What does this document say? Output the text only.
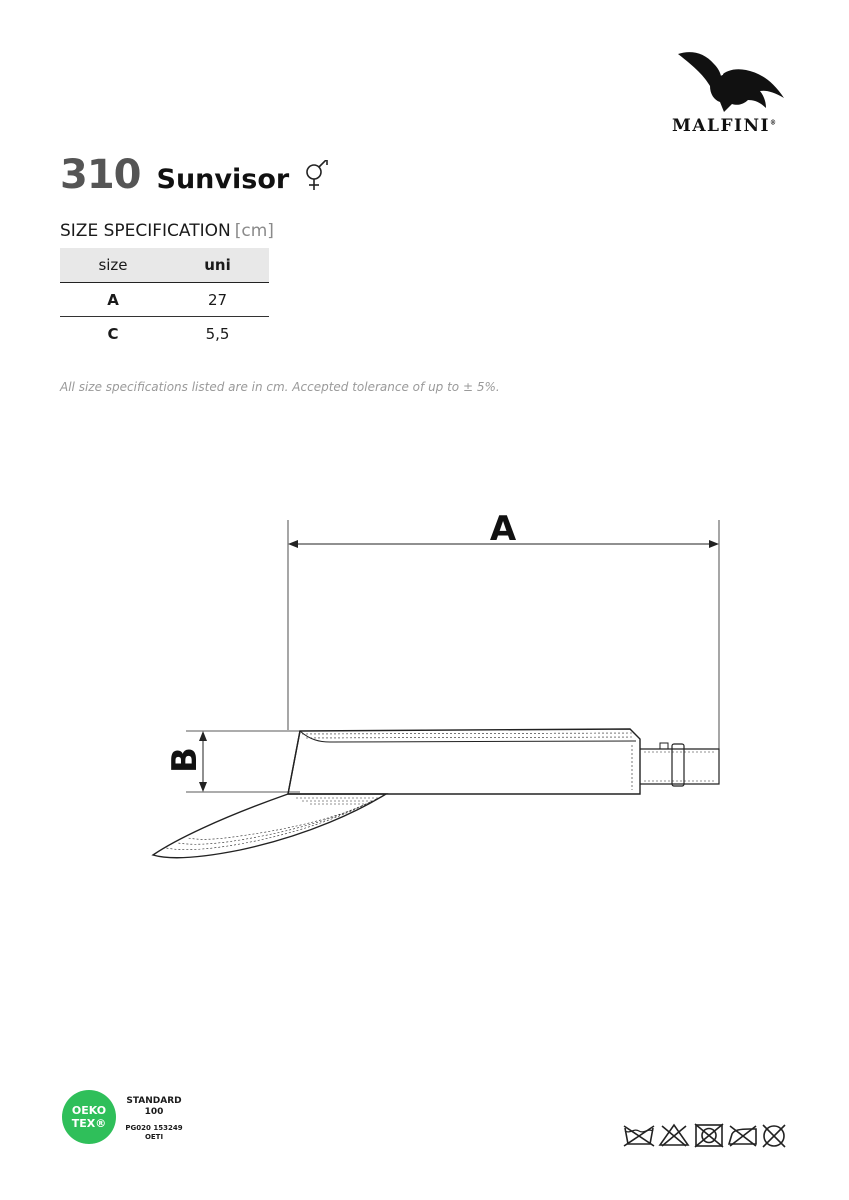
MALFINI®
310 Sunvisor
SIZE SPECIFICATION [cm]
size	uni
A	27
C	5,5
All size specifications listed are in cm. Accepted tolerance of up to ± 5%.
A
B
OEKO
TEX®
STANDARD
100
PG020 153249
OETI
